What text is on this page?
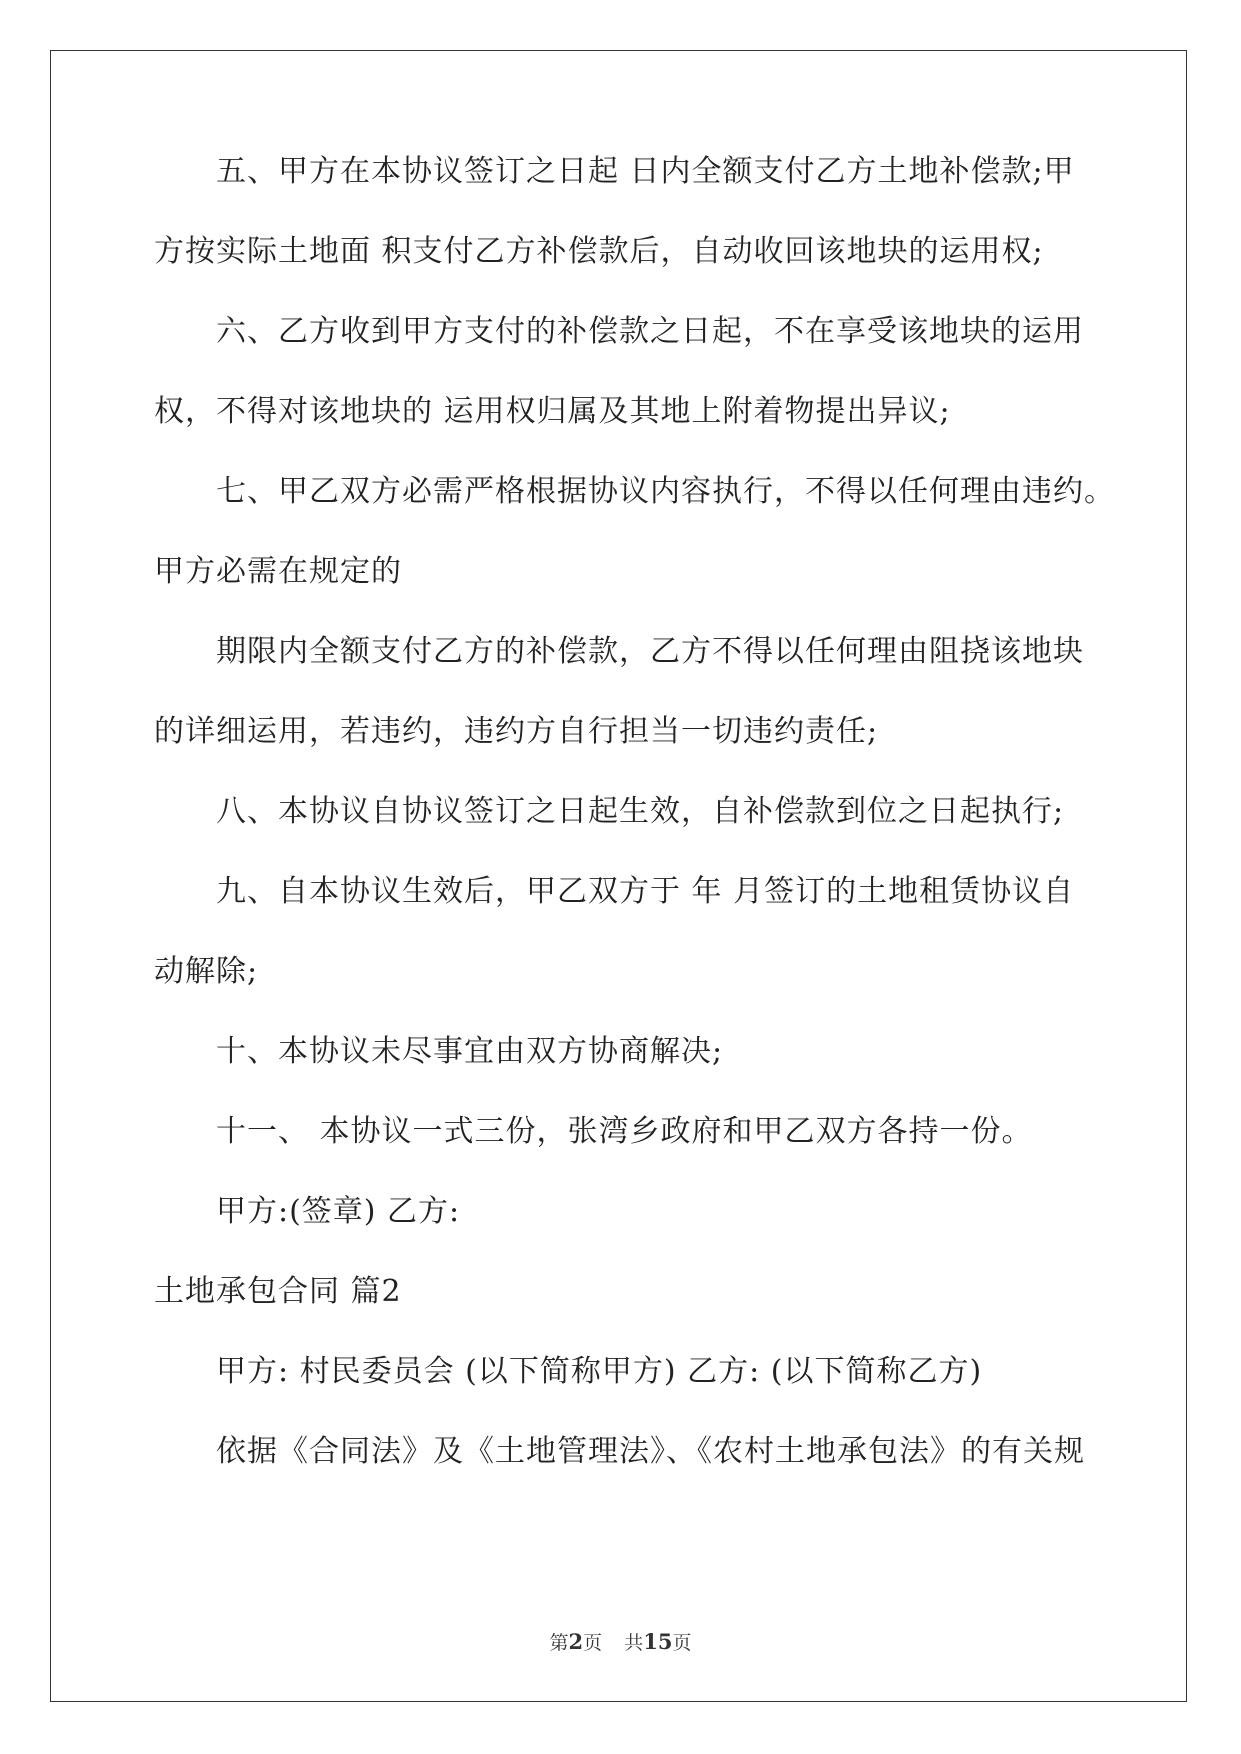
五、甲方在本协议签订之日起 日内全额支付乙方土地补偿款;甲

方按实际土地面 积支付乙方补偿款后，自动收回该地块的运用权;

六、乙方收到甲方支付的补偿款之日起，不在享受该地块的运用

权，不得对该地块的 运用权归属及其地上附着物提出异议;

七、甲乙双方必需严格根据协议内容执行，不得以任何理由违约。

甲方必需在规定的

期限内全额支付乙方的补偿款，乙方不得以任何理由阻挠该地块

的详细运用，若违约，违约方自行担当一切违约责任;

八、本协议自协议签订之日起生效，自补偿款到位之日起执行;

九、自本协议生效后，甲乙双方于 年 月签订的土地租赁协议自

动解除;

十、本协议未尽事宜由双方协商解决;

十一、 本协议一式三份，张湾乡政府和甲乙双方各持一份。

甲方:(签章) 乙方:

土地承包合同 篇2

甲方: 村民委员会 (以下简称甲方) 乙方: (以下简称乙方)

依据《合同法》及《土地管理法》、《农村土地承包法》的有关规

第2页 共15页
